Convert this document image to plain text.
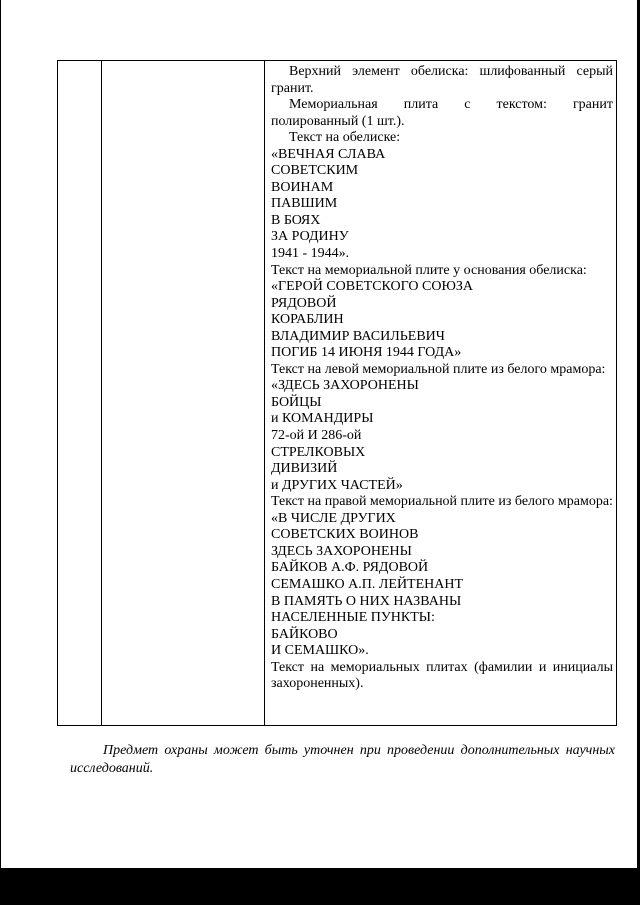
Верхний элемент обелиска: шлифованный серый гранит.

Мемориальная плита с текстом: гранит полированный (1 шт.).

Текст на обелиске:

«ВЕЧНАЯ СЛАВА

СОВЕТСКИМ

ВОИНАМ

ПАВШИМ

В БОЯХ

ЗА РОДИНУ

1941 - 1944».

Текст на мемориальной плите у основания обелиска:

«ГЕРОЙ СОВЕТСКОГО СОЮЗА

РЯДОВОЙ

КОРАБЛИН

ВЛАДИМИР ВАСИЛЬЕВИЧ

ПОГИБ 14 ИЮНЯ 1944 ГОДА»

Текст на левой мемориальной плите из белого мрамора:

«ЗДЕСЬ ЗАХОРОНЕНЫ

БОЙЦЫ

и КОМАНДИРЫ

72-ой И 286-ой

СТРЕЛКОВЫХ

ДИВИЗИЙ

и ДРУГИХ ЧАСТЕЙ»

Текст на правой мемориальной плите из белого мрамора:

«В ЧИСЛЕ ДРУГИХ

СОВЕТСКИХ ВОИНОВ

ЗДЕСЬ ЗАХОРОНЕНЫ

БАЙКОВ А.Ф. РЯДОВОЙ

СЕМАШКО А.П. ЛЕЙТЕНАНТ

В ПАМЯТЬ О НИХ НАЗВАНЫ

НАСЕЛЕННЫЕ ПУНКТЫ:

БАЙКОВО

И СЕМАШКО».

Текст на мемориальных плитах (фамилии и инициалы захороненных).

Предмет охраны может быть уточнен при проведении дополнительных научных исследований.
